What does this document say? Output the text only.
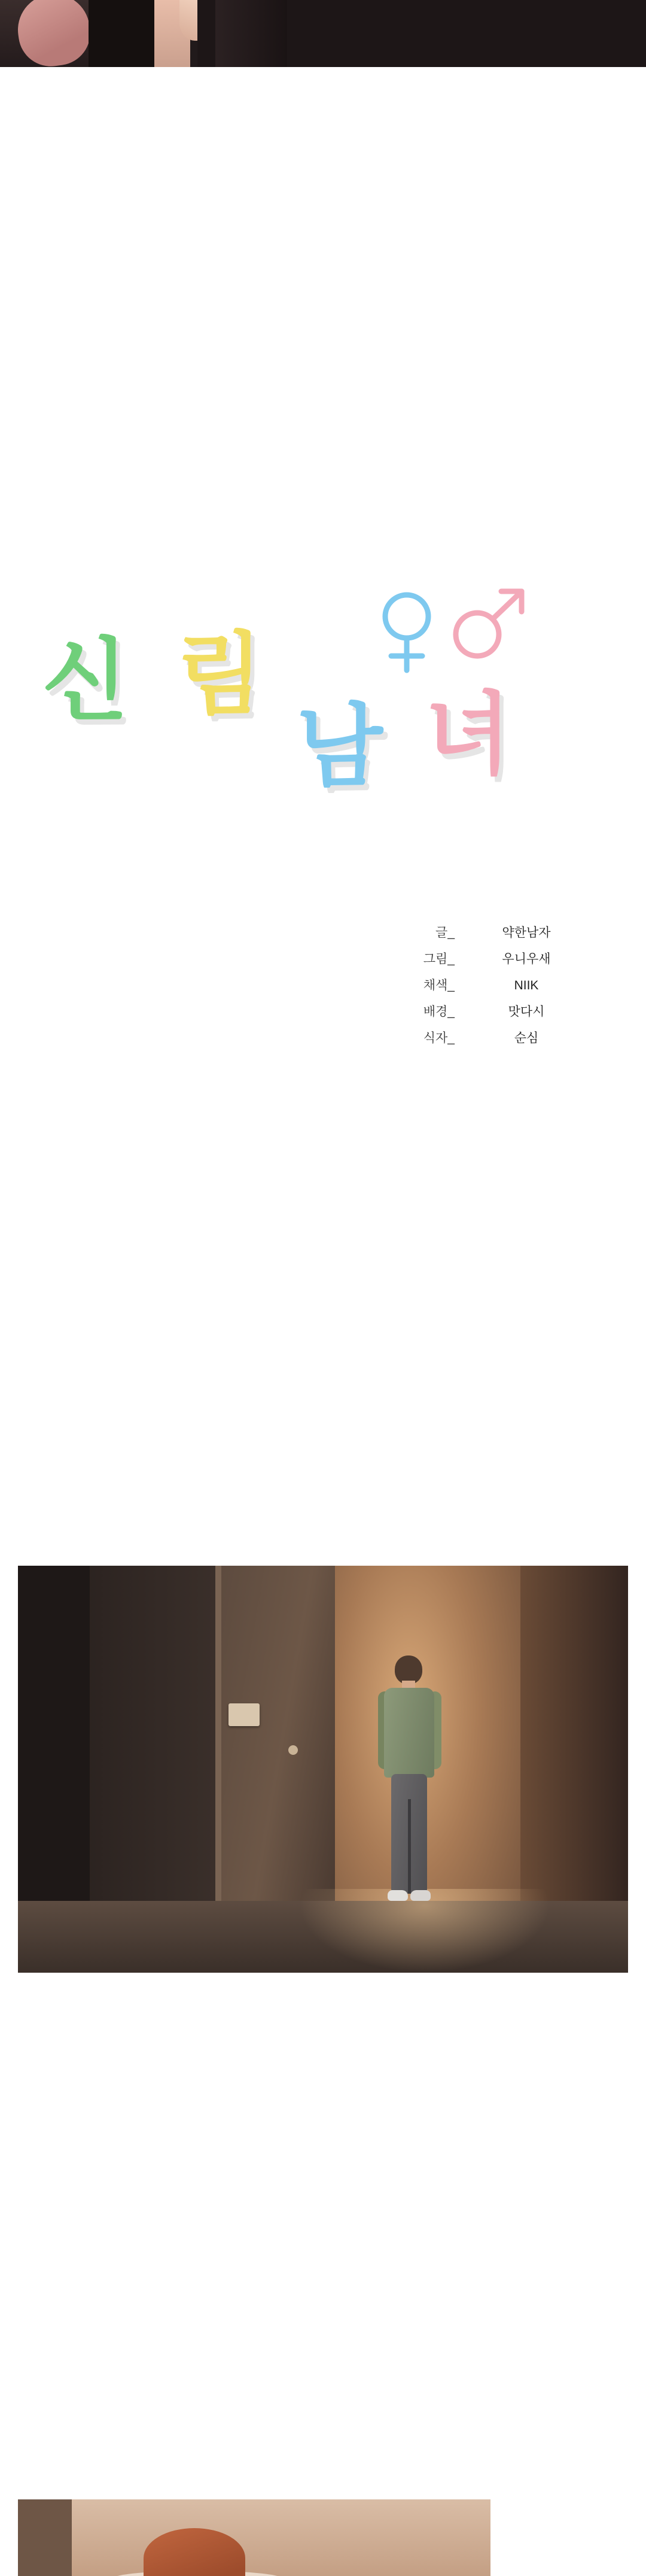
신 림
남 녀
글_	약한남자
그림_	우니우새
채색_	NIIK
배경_	맛다시
식자_	순심
